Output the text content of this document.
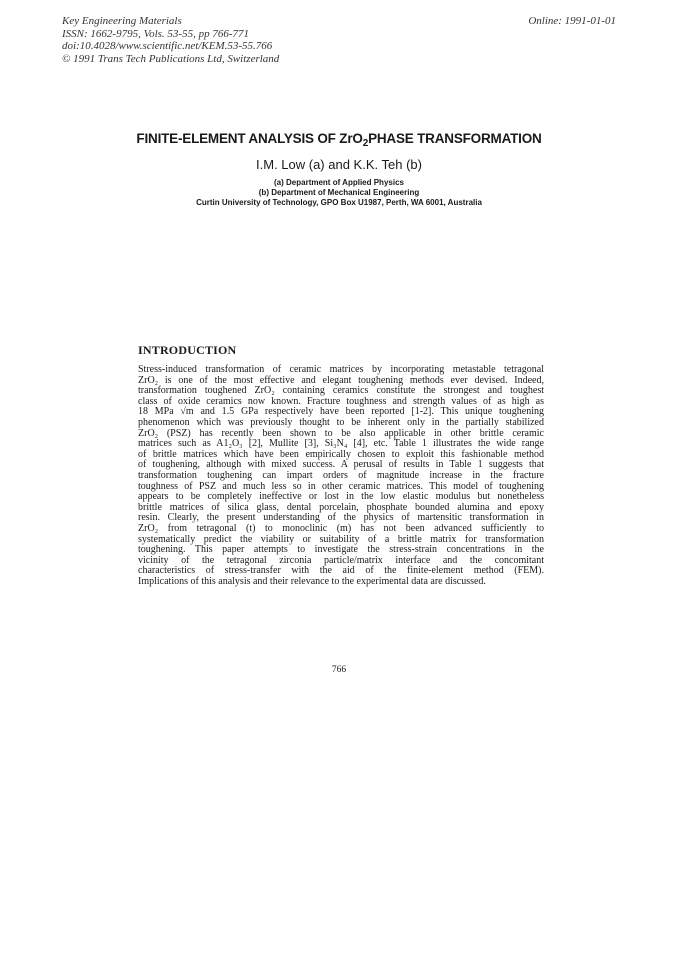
Key Engineering Materials
ISSN: 1662-9795, Vols. 53-55, pp 766-771
doi:10.4028/www.scientific.net/KEM.53-55.766
© 1991 Trans Tech Publications Ltd, Switzerland
Online: 1991-01-01
FINITE-ELEMENT ANALYSIS OF ZrO$_2$PHASE TRANSFORMATION
I.M. Low (a) and K.K. Teh (b)
(a) Department of Applied Physics
(b) Department of Mechanical Engineering
Curtin University of Technology, GPO Box U1987, Perth, WA 6001, Australia
INTRODUCTION
Stress-induced transformation of ceramic matrices by incorporating metastable tetragonal
ZrO₂ is one of the most effective and elegant toughening methods ever devised. Indeed,
transformation toughened ZrO₂ containing ceramics constitute the strongest and toughest
class of oxide ceramics now known. Fracture toughness and strength values of as high as
18 MPa √m and 1.5 GPa respectively have been reported [1-2]. This unique toughening
phenomenon which was previously thought to be inherent only in the partially stabilized
ZrO₂ (PSZ) has recently been shown to be also applicable in other brittle ceramic
matrices such as A1₂O₃ [2], Mullite [3], Si₃N₄ [4], etc. Table 1 illustrates the wide range
of brittle matrices which have been empirically chosen to exploit this fashionable method
of toughening, although with mixed success. A perusal of results in Table 1 suggests that
transformation toughening can impart orders of magnitude increase in the fracture
toughness of PSZ and much less so in other ceramic matrices. This model of toughening
appears to be completely ineffective or lost in the low elastic modulus but nonetheless
brittle matrices of silica glass, dental porcelain, phosphate bounded alumina and epoxy
resin. Clearly, the present understanding of the physics of martensitic transformation in
ZrO₂ from tetragonal (t) to monoclinic (m) has not been advanced sufficiently to
systematically predict the viability or suitability of a brittle matrix for transformation
toughening. This paper attempts to investigate the stress-strain concentrations in the
vicinity of the tetragonal zirconia particle/matrix interface and the concomitant
characteristics of stress-transfer with the aid of the finite-element method (FEM).
Implications of this analysis and their relevance to the experimental data are discussed.
766
